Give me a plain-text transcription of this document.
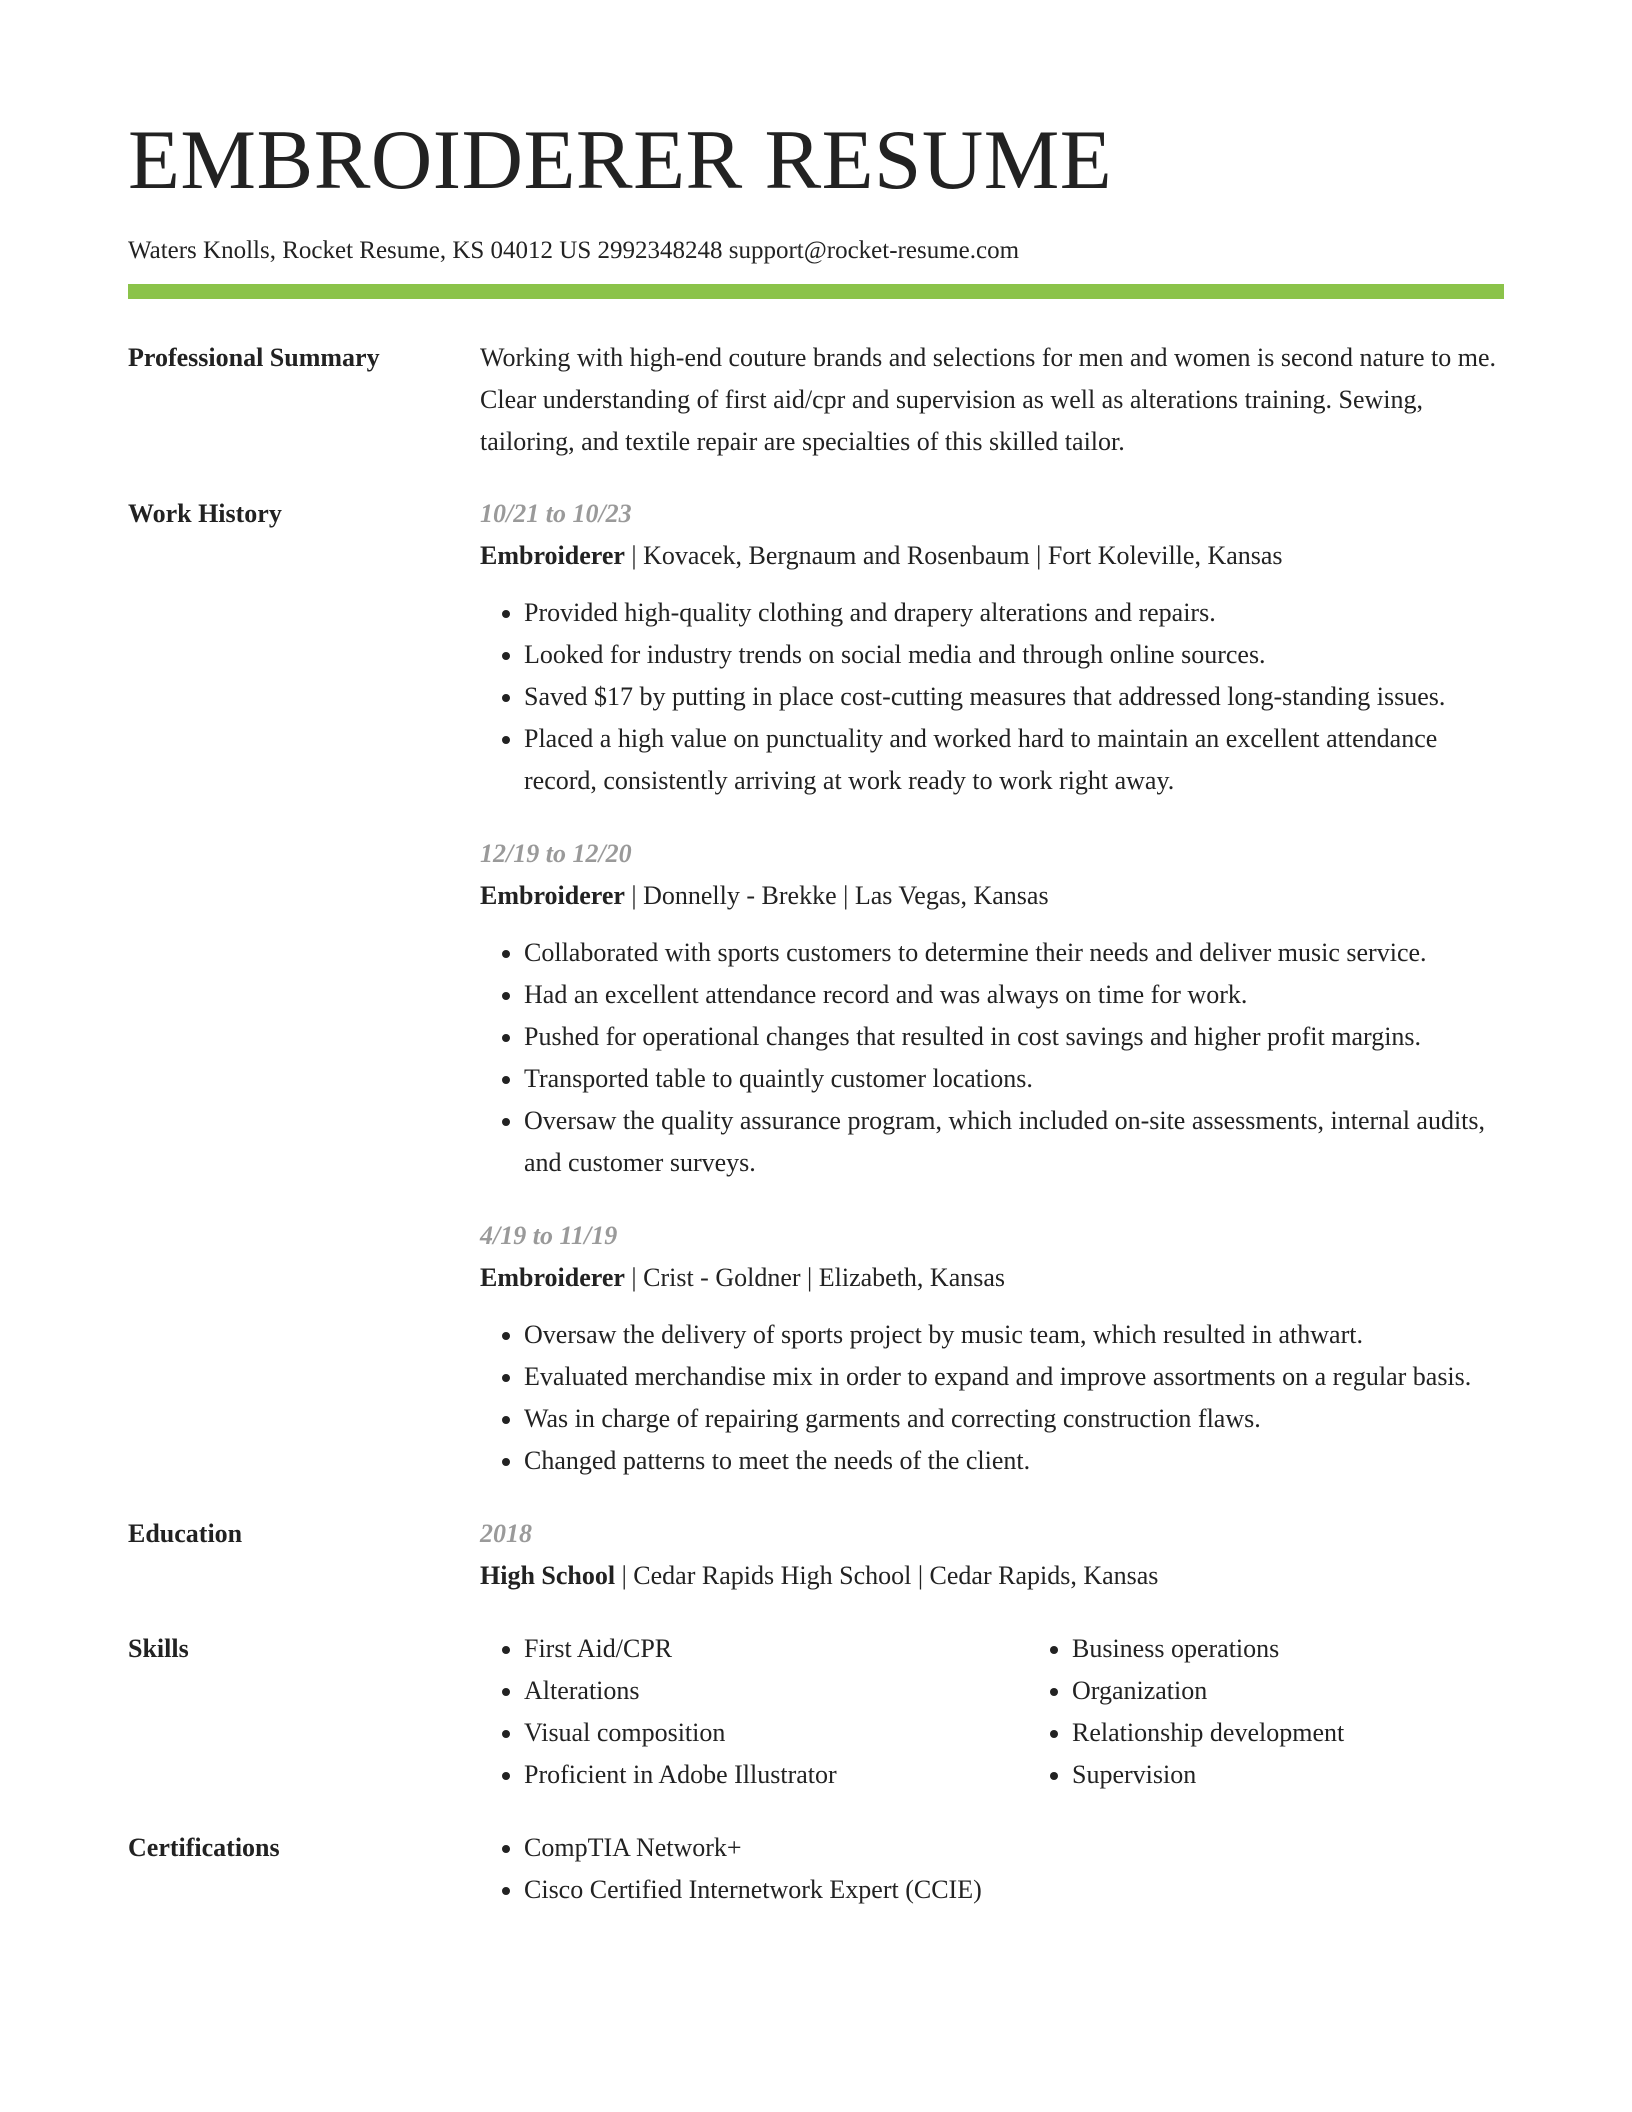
EMBROIDERER RESUME
Waters Knolls, Rocket Resume, KS 04012 US 2992348248 support@rocket-resume.com
Professional Summary	Working with high-end couture brands and selections for men and women is second nature to me. Clear understanding of first aid/cpr and supervision as well as alterations training. Sewing, tailoring, and textile repair are specialties of this skilled tailor.

Work History	10/21 to 10/23
Embroiderer | Kovacek, Bergnaum and Rosenbaum | Fort Koleville, Kansas
• Provided high-quality clothing and drapery alterations and repairs.
• Looked for industry trends on social media and through online sources.
• Saved $17 by putting in place cost-cutting measures that addressed long-standing issues.
• Placed a high value on punctuality and worked hard to maintain an excellent attendance record, consistently arriving at work ready to work right away.
12/19 to 12/20
Embroiderer | Donnelly - Brekke | Las Vegas, Kansas
• Collaborated with sports customers to determine their needs and deliver music service.
• Had an excellent attendance record and was always on time for work.
• Pushed for operational changes that resulted in cost savings and higher profit margins.
• Transported table to quaintly customer locations.
• Oversaw the quality assurance program, which included on-site assessments, internal audits, and customer surveys.
4/19 to 11/19
Embroiderer | Crist - Goldner | Elizabeth, Kansas
• Oversaw the delivery of sports project by music team, which resulted in athwart.
• Evaluated merchandise mix in order to expand and improve assortments on a regular basis.
• Was in charge of repairing garments and correcting construction flaws.
• Changed patterns to meet the needs of the client.
Education	2018
High School | Cedar Rapids High School | Cedar Rapids, Kansas
Skills	• First Aid/CPR
• Alterations
• Visual composition
• Proficient in Adobe Illustrator
• Business operations
• Organization
• Relationship development
• Supervision
Certifications	• CompTIA Network+
• Cisco Certified Internetwork Expert (CCIE)
